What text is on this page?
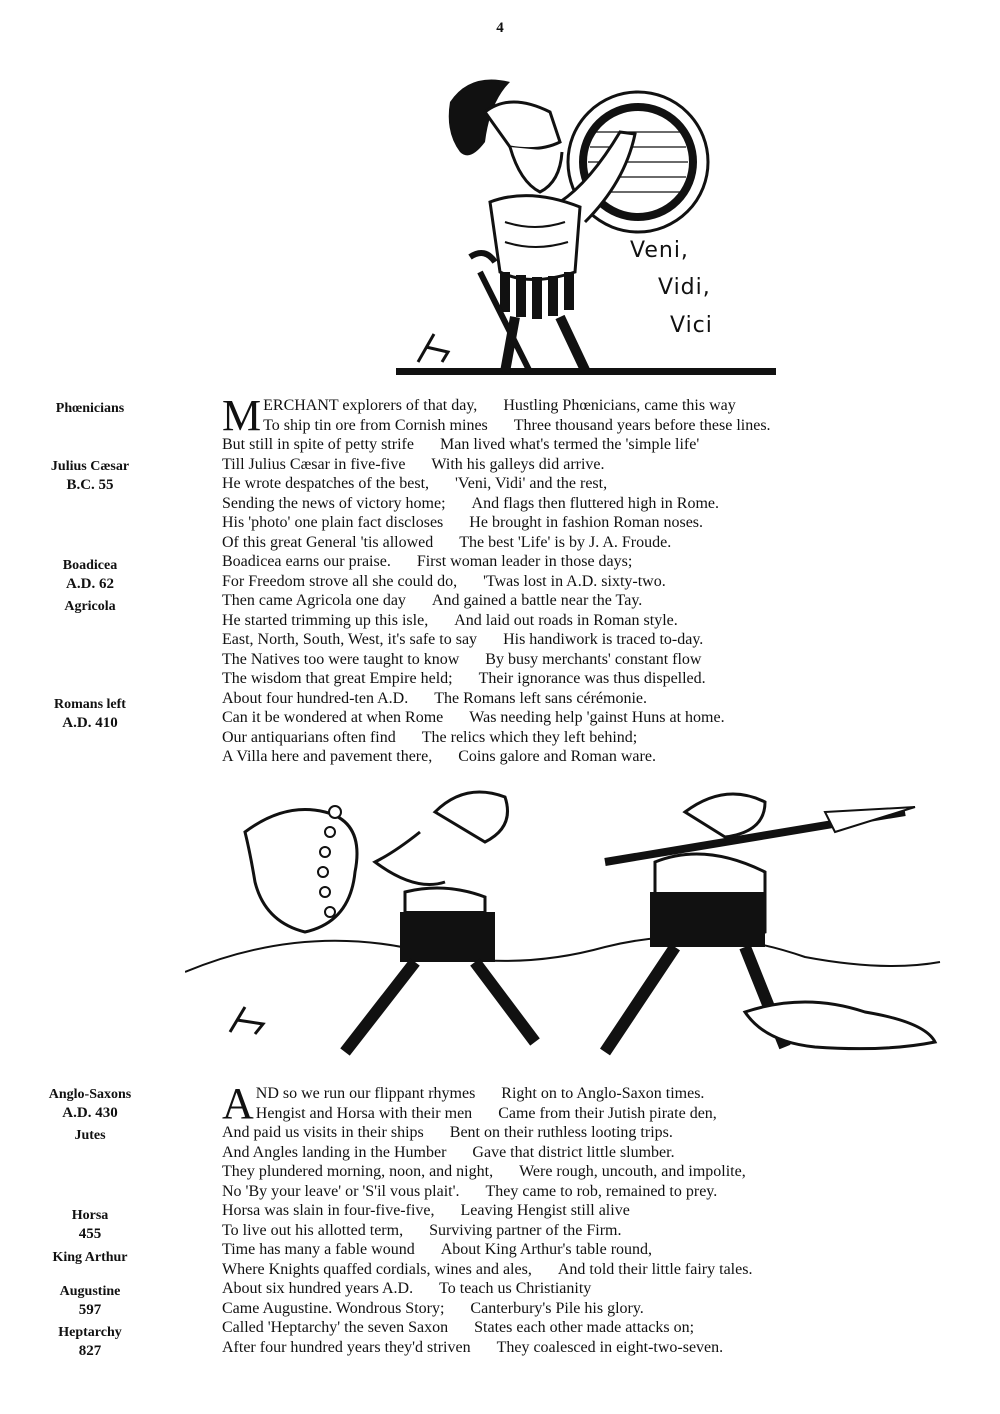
4
Veni,
Vidi,
Vici
Phœnicians
Julius Cæsar
B.C. 55
Boadicea
A.D. 62
Agricola
Romans left
A.D. 410
M ERCHANT explorers of that day, Hustling Phœnicians, came this way
To ship tin ore from Cornish mines Three thousand years before these lines.
But still in spite of petty strife Man lived what's termed the 'simple life'
Till Julius Cæsar in five-five With his galleys did arrive.
He wrote despatches of the best, 'Veni, Vidi' and the rest,
Sending the news of victory home; And flags then fluttered high in Rome.
His 'photo' one plain fact discloses He brought in fashion Roman noses.
Of this great General 'tis allowed The best 'Life' is by J. A. Froude.
Boadicea earns our praise. First woman leader in those days;
For Freedom strove all she could do, 'Twas lost in A.D. sixty-two.
Then came Agricola one day And gained a battle near the Tay.
He started trimming up this isle, And laid out roads in Roman style.
East, North, South, West, it's safe to say His handiwork is traced to-day.
The Natives too were taught to know By busy merchants' constant flow
The wisdom that great Empire held; Their ignorance was thus dispelled.
About four hundred-ten A.D. The Romans left sans cérémonie.
Can it be wondered at when Rome Was needing help 'gainst Huns at home.
Our antiquarians often find The relics which they left behind;
A Villa here and pavement there, Coins galore and Roman ware.
Anglo-Saxons
A.D. 430
Jutes
Horsa
455
King Arthur
Augustine
597
Heptarchy
827
A ND so we run our flippant rhymes Right on to Anglo-Saxon times.
Hengist and Horsa with their men Came from their Jutish pirate den,
And paid us visits in their ships Bent on their ruthless looting trips.
And Angles landing in the Humber Gave that district little slumber.
They plundered morning, noon, and night, Were rough, uncouth, and impolite,
No 'By your leave' or 'S'il vous plait'. They came to rob, remained to prey.
Horsa was slain in four-five-five, Leaving Hengist still alive
To live out his allotted term, Surviving partner of the Firm.
Time has many a fable wound About King Arthur's table round,
Where Knights quaffed cordials, wines and ales, And told their little fairy tales.
About six hundred years A.D. To teach us Christianity
Came Augustine. Wondrous Story; Canterbury's Pile his glory.
Called 'Heptarchy' the seven Saxon States each other made attacks on;
After four hundred years they'd striven They coalesced in eight-two-seven.
